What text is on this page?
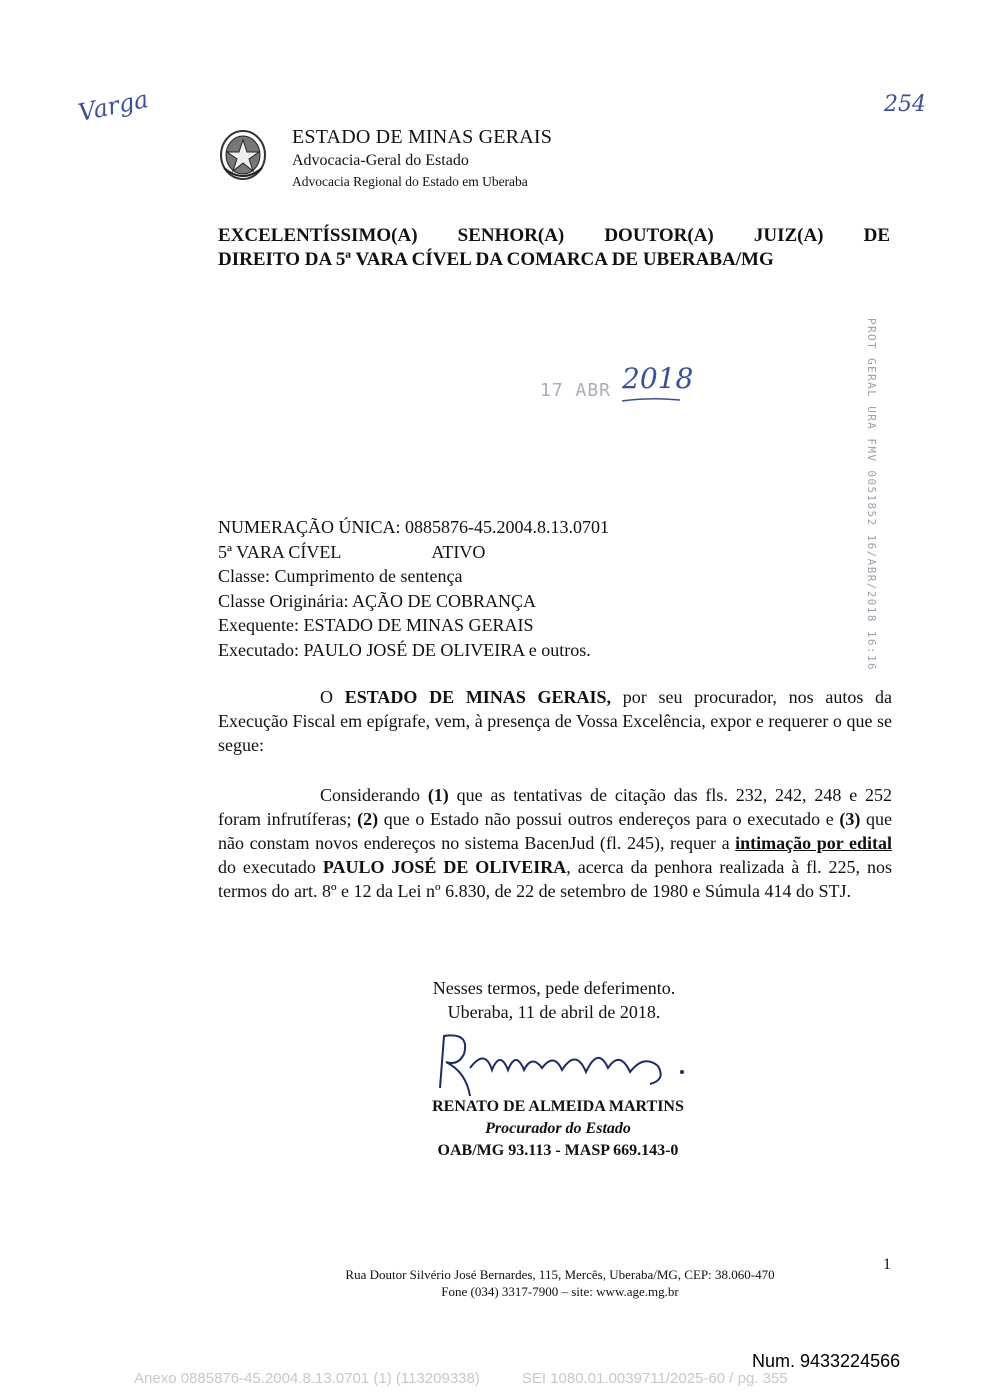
Varga	254
ESTADO DE MINAS GERAIS
Advocacia-Geral do Estado
Advocacia Regional do Estado em Uberaba
EXCELENTÍSSIMO(A) SENHOR(A) DOUTOR(A) JUIZ(A) DE
DIREITO DA 5ª VARA CÍVEL DA COMARCA DE UBERABA/MG
17 ABR 2018	PROT GERAL URA FMV 0051852 16/ABR/2018 16:16
NUMERAÇÃO ÚNICA: 0885876-45.2004.8.13.0701
5ª VARA CÍVEL	ATIVO
Classe: Cumprimento de sentença
Classe Originária: AÇÃO DE COBRANÇA
Exequente: ESTADO DE MINAS GERAIS
Executado: PAULO JOSÉ DE OLIVEIRA e outros.
O ESTADO DE MINAS GERAIS, por seu procurador, nos autos da Execução Fiscal em epígrafe, vem, à presença de Vossa Excelência, expor e requerer o que se segue:
Considerando (1) que as tentativas de citação das fls. 232, 242, 248 e 252 foram infrutíferas; (2) que o Estado não possui outros endereços para o executado e (3) que não constam novos endereços no sistema BacenJud (fl. 245), requer a intimação por edital do executado PAULO JOSÉ DE OLIVEIRA, acerca da penhora realizada à fl. 225, nos termos do art. 8º e 12 da Lei nº 6.830, de 22 de setembro de 1980 e Súmula 414 do STJ.
Nesses termos, pede deferimento.
Uberaba, 11 de abril de 2018.
RENATO DE ALMEIDA MARTINS
Procurador do Estado
OAB/MG 93.113 - MASP 669.143-0
Rua Doutor Silvério José Bernardes, 115, Mercês, Uberaba/MG, CEP: 38.060-470
Fone (034) 3317-7900 – site: www.age.mg.br
1
Num. 9433224566
Anexo 0885876-45.2004.8.13.0701 (1) (113209338)	SEI 1080.01.0039711/2025-60 / pg. 355
